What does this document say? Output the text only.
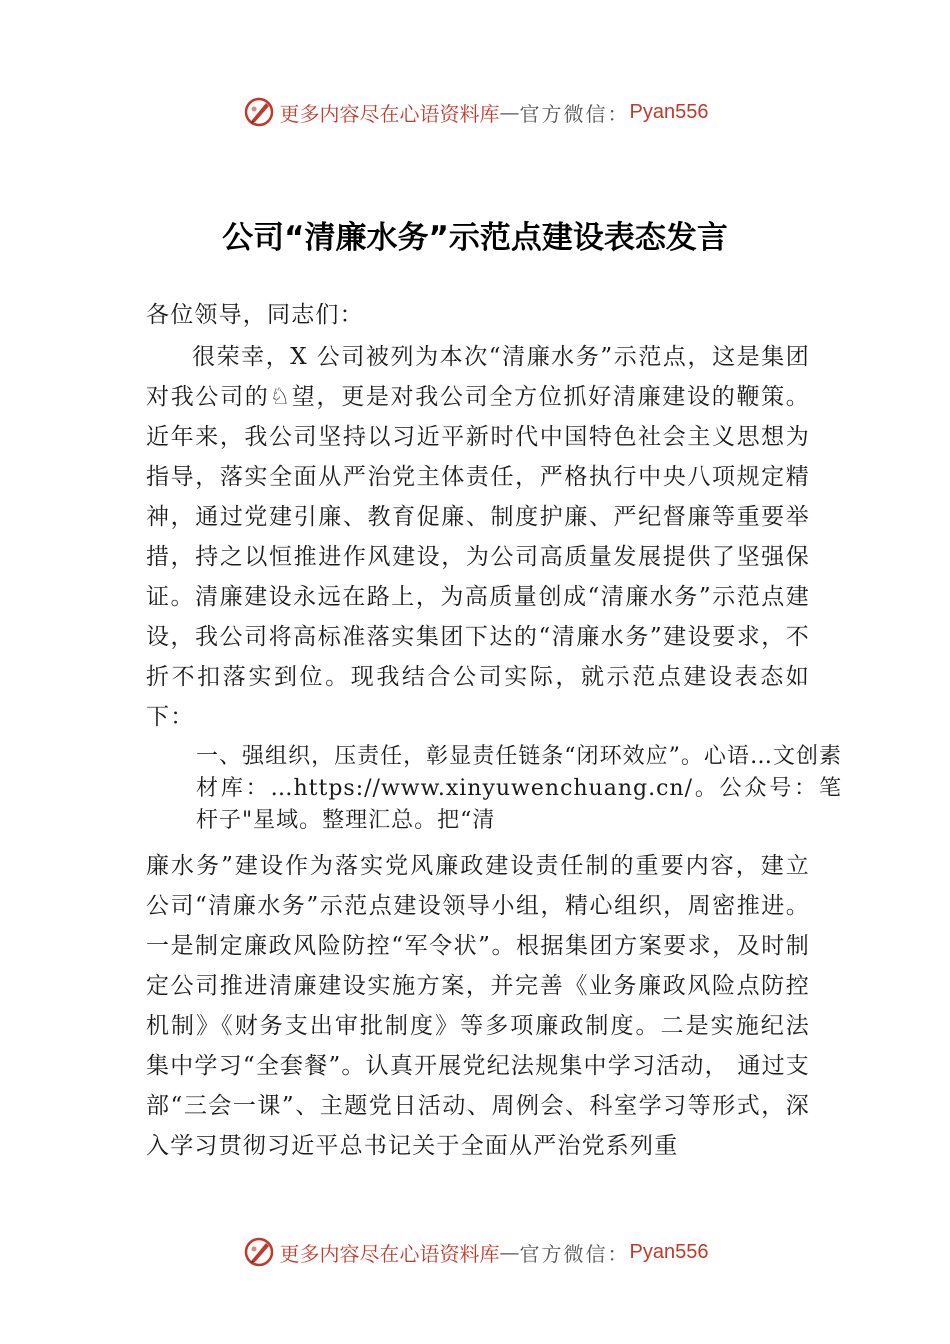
更多内容尽在心语资料库 — 官方微信： Pyan556
公司“清廉水务”示范点建设表态发言

各位领导，同志们：

很荣幸，X 公司被列为本次“清廉水务”示范点，这是集团对我公司的♘望，更是对我公司全方位抓好清廉建设的鞭策。近年来，我公司坚持以习近平新时代中国特色社会主义思想为指导，落实全面从严治党主体责任，严格执行中央八项规定精神，通过党建引廉、教育促廉、制度护廉、严纪督廉等重要举措，持之以恒推进作风建设，为公司高质量发展提供了坚强保证。清廉建设永远在路上，为高质量创成“清廉水务”示范点建设，我公司将高标准落实集团下达的“清廉水务”建设要求，不折不扣落实到位。现我结合公司实际，就示范点建设表态如下：

一、强组织，压责任，彰显责任链条“闭环效应”。心语…文创素材库：…https://www.xinyuwenchuang.cn/。公众号：笔杆子"星域。整理汇总。把“清

廉水务”建设作为落实党风廉政建设责任制的重要内容，建立公司“清廉水务”示范点建设领导小组，精心组织，周密推进。一是制定廉政风险防控“军令状”。根据集团方案要求，及时制定公司推进清廉建设实施方案，并完善《业务廉政风险点防控机制》《财务支出审批制度》等多项廉政制度。二是实施纪法集中学习“全套餐”。认真开展党纪法规集中学习活动， 通过支部“三会一课”、主题党日活动、周例会、科室学习等形式，深入学习贯彻习近平总书记关于全面从严治党系列重

更多内容尽在心语资料库 — 官方微信： Pyan556
